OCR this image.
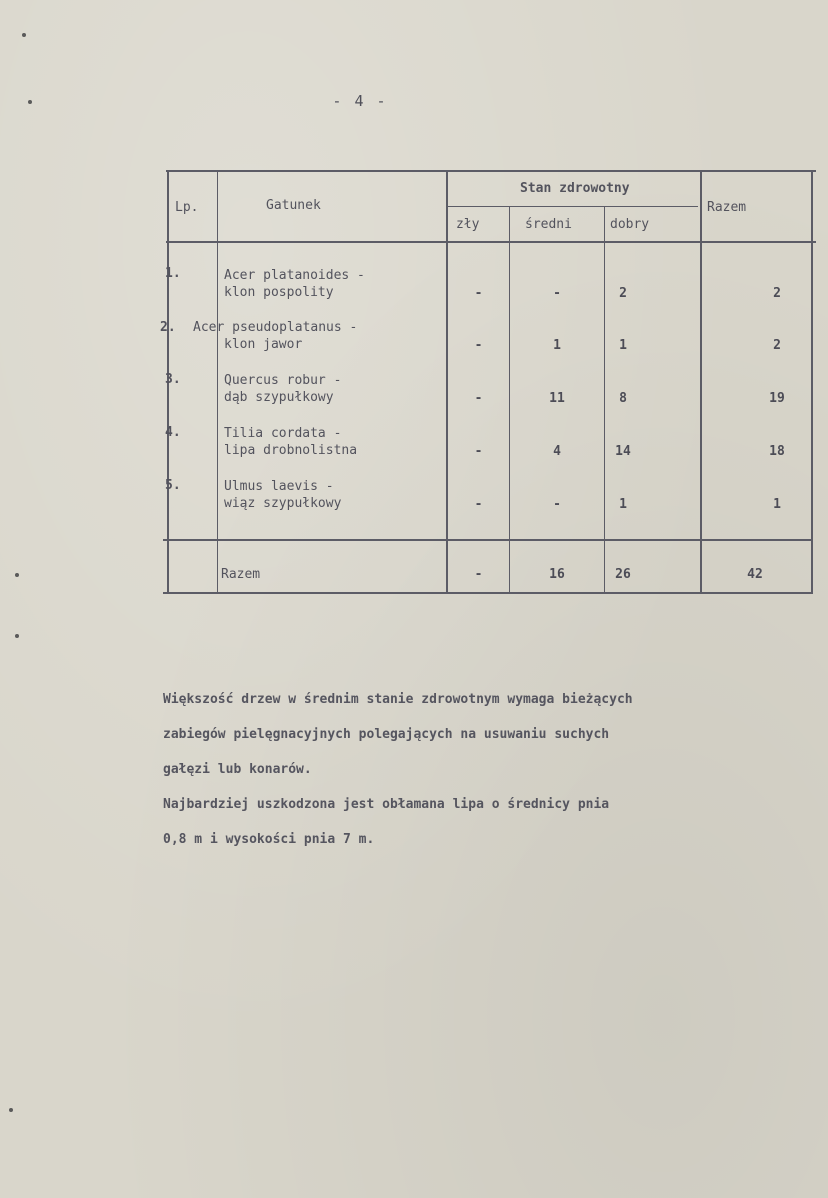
- 4 -
Lp.	Gatunek
Stan zdrowotny
zły	średni	dobry
Razem
1.	Acer platanoides -
klon pospolity	-	-	2	2
2. Acer pseudoplatanus -
klon jawor	-	1	1	2
3.	Quercus robur -
dąb szypułkowy	-	11	8	19
4.	Tilia cordata -
lipa drobnolistna	-	4	14	18
5.	Ulmus laevis -
wiąz szypułkowy	-	-	1	1
Razem	-	16	26	42
Większość drzew w średnim stanie zdrowotnym wymaga bieżących
zabiegów pielęgnacyjnych polegających na usuwaniu suchych
gałęzi lub konarów.
Najbardziej uszkodzona jest obłamana lipa o średnicy pnia
0,8 m i wysokości pnia 7 m.
